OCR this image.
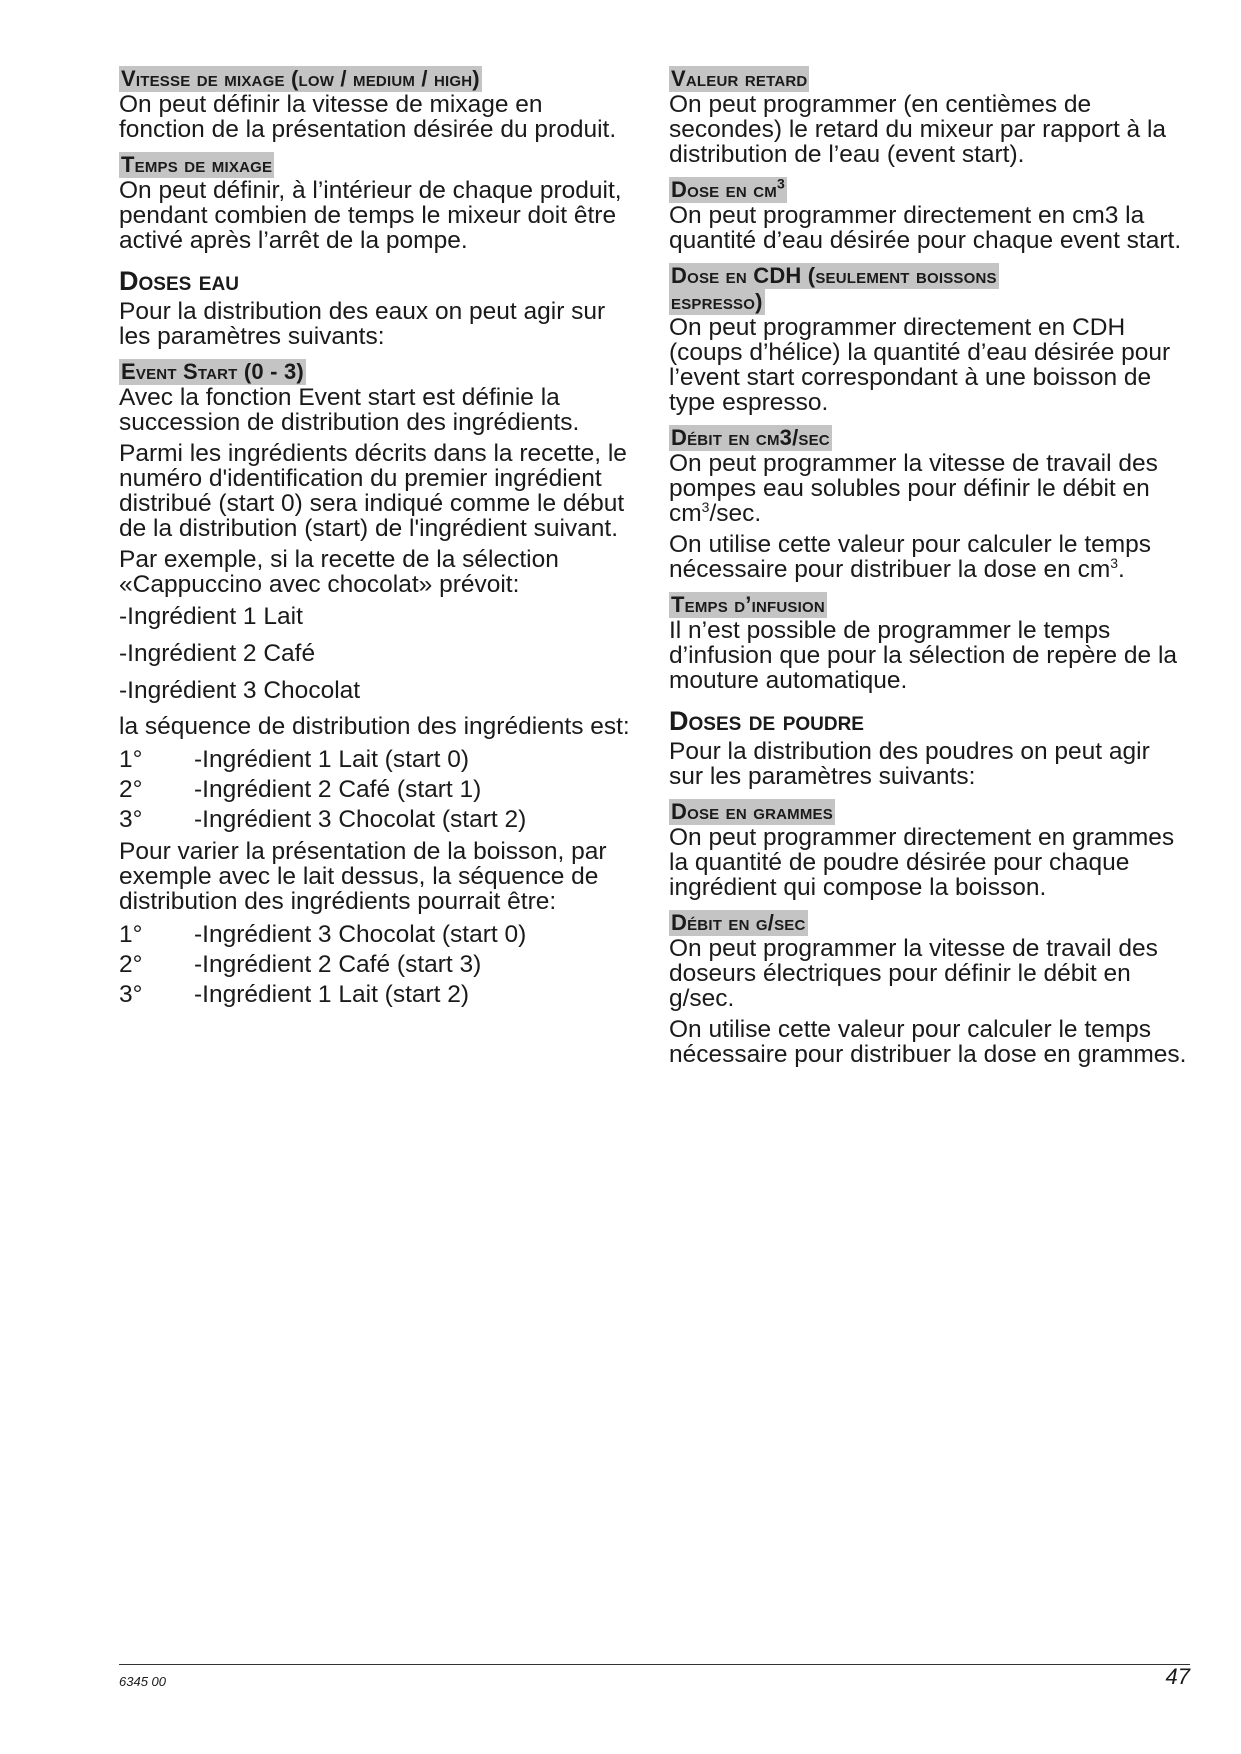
Vitesse de mixage (low / medium / high)

On peut définir la vitesse de mixage en fonction de la présentation désirée du produit.

Temps de mixage

On peut définir, à l’intérieur de chaque produit, pendant combien de temps le mixeur doit être activé après l’arrêt de la pompe.

Doses eau

Pour la distribution des eaux on peut agir sur les paramètres suivants:

Event Start (0 - 3)

Avec la fonction Event start est définie la succession de distribution des ingrédients.

Parmi les ingrédients décrits dans la recette, le numéro d'identification du premier ingrédient distribué (start 0) sera indiqué comme le début de la distribution (start) de l'ingrédient suivant.

Par exemple, si la recette de la sélection «Cappuccino avec chocolat» prévoit:

-Ingrédient 1 Lait
-Ingrédient 2 Café
-Ingrédient 3 Chocolat

la séquence de distribution des ingrédients est:

1°	-Ingrédient 1 Lait (start 0)
2°	-Ingrédient 2 Café (start 1)
3°	-Ingrédient 3 Chocolat (start 2)

Pour varier la présentation de la boisson, par exemple avec le lait dessus, la séquence de distribution des ingrédients pourrait être:

1°	-Ingrédient 3 Chocolat (start 0)
2°	-Ingrédient 2 Café (start 3)
3°	-Ingrédient 1 Lait (start 2)
Valeur retard

On peut programmer (en centièmes de secondes) le retard du mixeur par rapport à la distribution de l’eau (event start).

Dose en $cm^3$

On peut programmer directement en cm3 la quantité d’eau désirée pour chaque event start.

Dose en CDH (seulement boissons
espresso)

On peut programmer directement en CDH (coups d’hélice) la quantité d’eau désirée pour l’event start correspondant à une boisson de type espresso.

Débit en cm3/sec

On peut programmer la vitesse de travail des pompes eau solubles pour définir le débit en $cm^3/\sec$.

On utilise cette valeur pour calculer le temps nécessaire pour distribuer la dose en $cm^3$.

Temps d’infusion

Il n’est possible de programmer le temps d’infusion que pour la sélection de repère de la mouture automatique.

Doses de poudre

Pour la distribution des poudres on peut agir sur les paramètres suivants:

Dose en grammes

On peut programmer directement en grammes la quantité de poudre désirée pour chaque ingrédient qui compose la boisson.

Débit en g/sec

On peut programmer la vitesse de travail des doseurs électriques pour définir le débit en g/sec.

On utilise cette valeur pour calculer le temps nécessaire pour distribuer la dose en grammes.

6345 00	47
